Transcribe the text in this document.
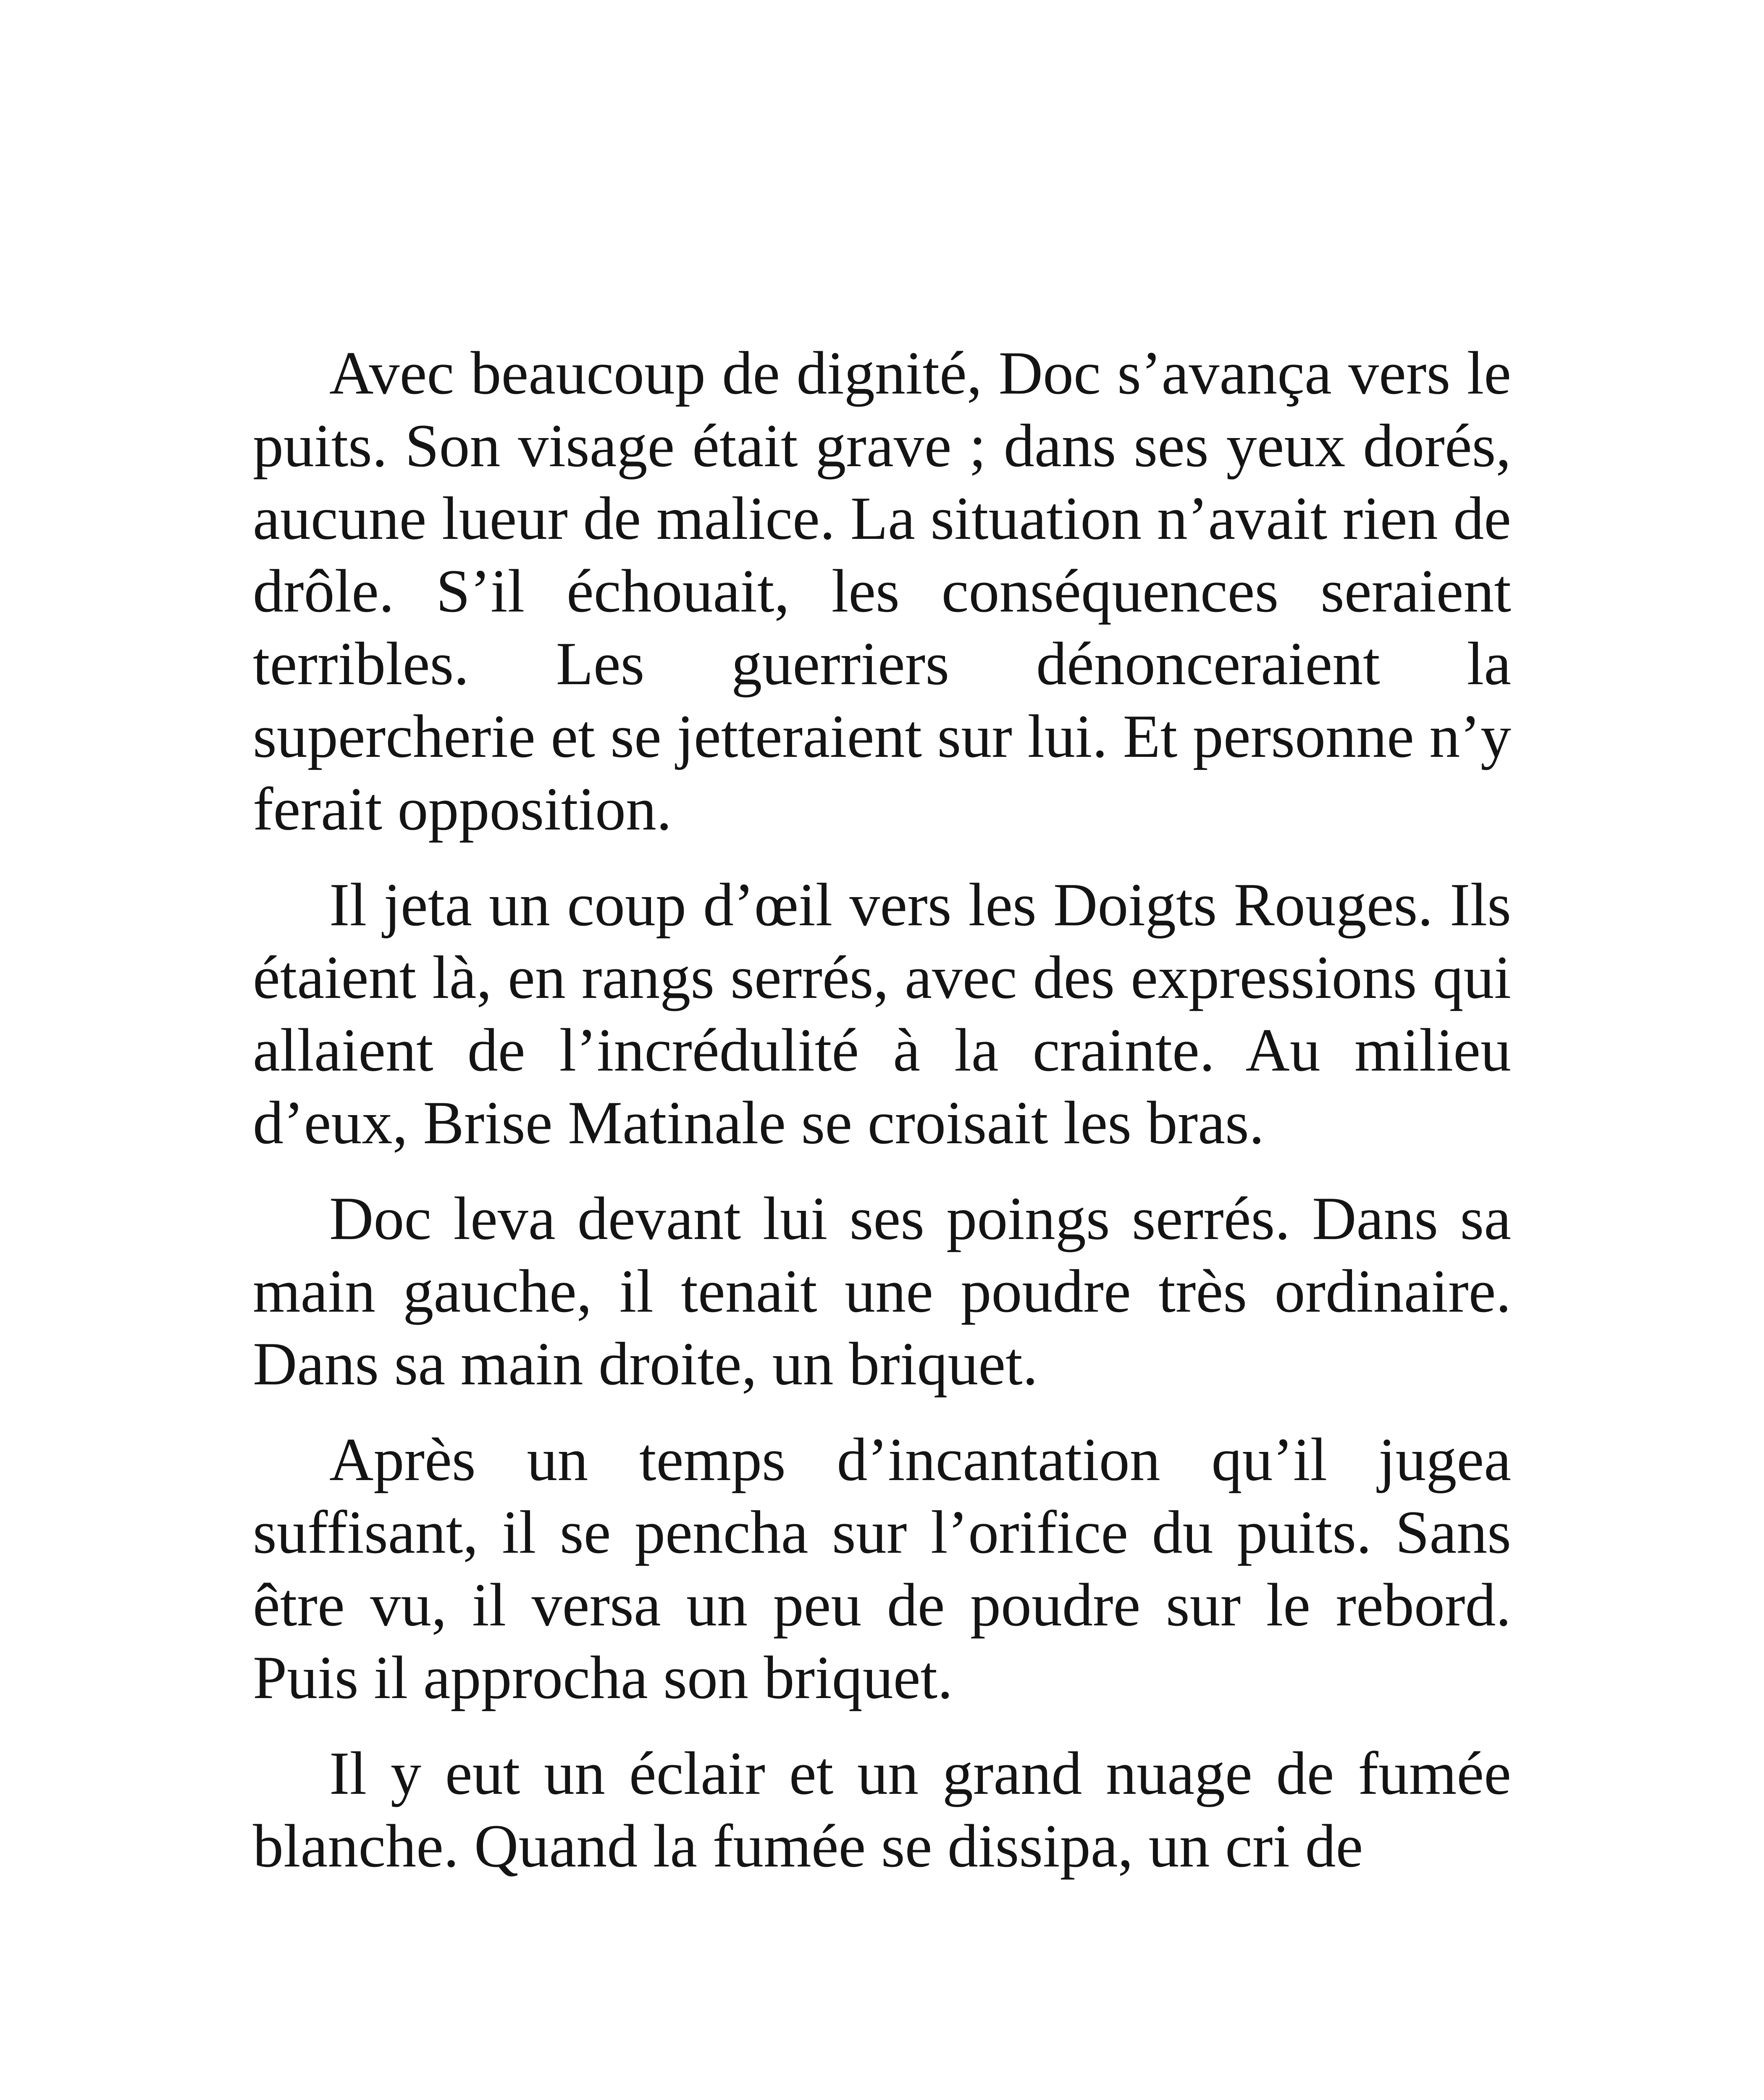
Avec beaucoup de dignité, Doc s’avança vers le puits. Son visage était grave ; dans ses yeux dorés, aucune lueur de malice. La situation n’avait rien de drôle. S’il échouait, les conséquences seraient terribles. Les guerriers dénonceraient la supercherie et se jetteraient sur lui. Et personne n’y ferait opposition.

Il jeta un coup d’œil vers les Doigts Rouges. Ils étaient là, en rangs serrés, avec des expressions qui allaient de l’incrédulité à la crainte. Au milieu d’eux, Brise Matinale se croisait les bras.

Doc leva devant lui ses poings serrés. Dans sa main gauche, il tenait une poudre très ordinaire. Dans sa main droite, un briquet.

Après un temps d’incantation qu’il jugea suffisant, il se pencha sur l’orifice du puits. Sans être vu, il versa un peu de poudre sur le rebord. Puis il approcha son briquet.

Il y eut un éclair et un grand nuage de fumée blanche. Quand la fumée se dissipa, un cri de
